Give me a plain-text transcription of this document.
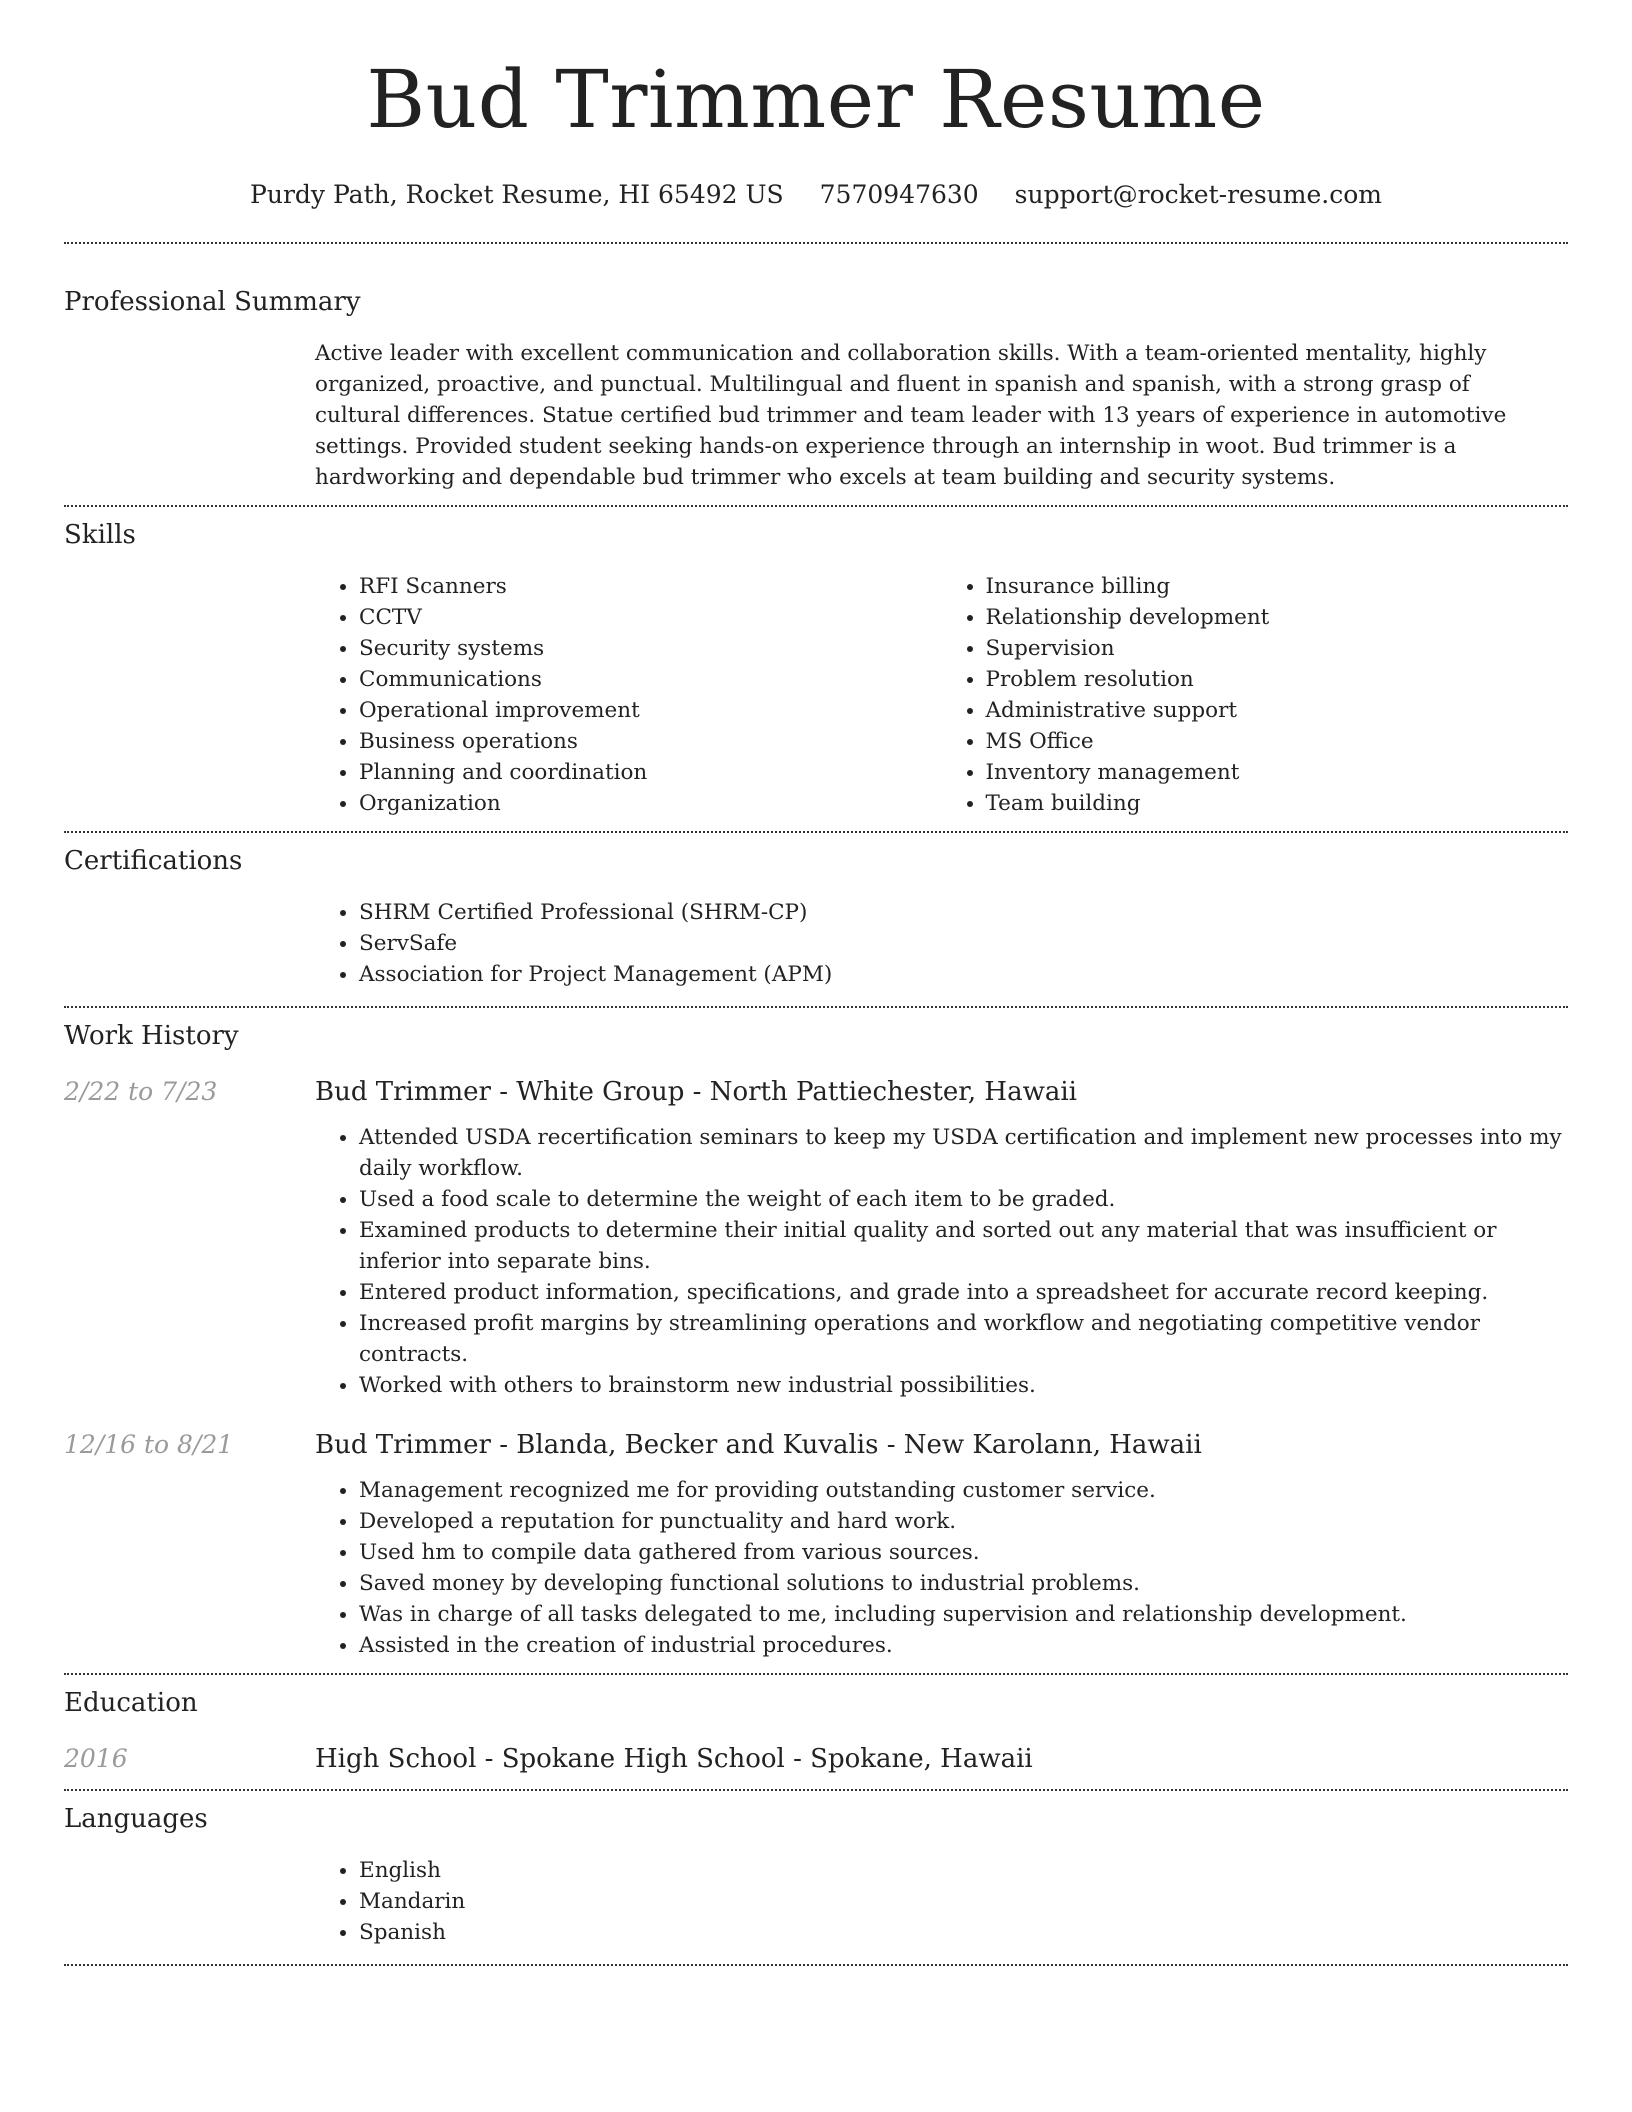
Bud Trimmer Resume
Purdy Path, Rocket Resume, HI 65492 US 7570947630 support@rocket-resume.com
Professional Summary

Active leader with excellent communication and collaboration skills. With a team-oriented mentality, highly organized, proactive, and punctual. Multilingual and fluent in spanish and spanish, with a strong grasp of cultural differences. Statue certified bud trimmer and team leader with 13 years of experience in automotive settings. Provided student seeking hands-on experience through an internship in woot. Bud trimmer is a hardworking and dependable bud trimmer who excels at team building and security systems.

Skills
• RFI Scanners
• CCTV
• Security systems
• Communications
• Operational improvement
• Business operations
• Planning and coordination
• Organization
• Insurance billing
• Relationship development
• Supervision
• Problem resolution
• Administrative support
• MS Office
• Inventory management
• Team building
Certifications
• SHRM Certified Professional (SHRM-CP)
• ServSafe
• Association for Project Management (APM)
Work History
2/22 to 7/23	Bud Trimmer - White Group - North Pattiechester, Hawaii
• Attended USDA recertification seminars to keep my USDA certification and implement new processes into my daily workflow.
• Used a food scale to determine the weight of each item to be graded.
• Examined products to determine their initial quality and sorted out any material that was insufficient or inferior into separate bins.
• Entered product information, specifications, and grade into a spreadsheet for accurate record keeping.
• Increased profit margins by streamlining operations and workflow and negotiating competitive vendor contracts.
• Worked with others to brainstorm new industrial possibilities.
12/16 to 8/21	Bud Trimmer - Blanda, Becker and Kuvalis - New Karolann, Hawaii
• Management recognized me for providing outstanding customer service.
• Developed a reputation for punctuality and hard work.
• Used hm to compile data gathered from various sources.
• Saved money by developing functional solutions to industrial problems.
• Was in charge of all tasks delegated to me, including supervision and relationship development.
• Assisted in the creation of industrial procedures.
Education
2016	High School - Spokane High School - Spokane, Hawaii
Languages
• English
• Mandarin
• Spanish
